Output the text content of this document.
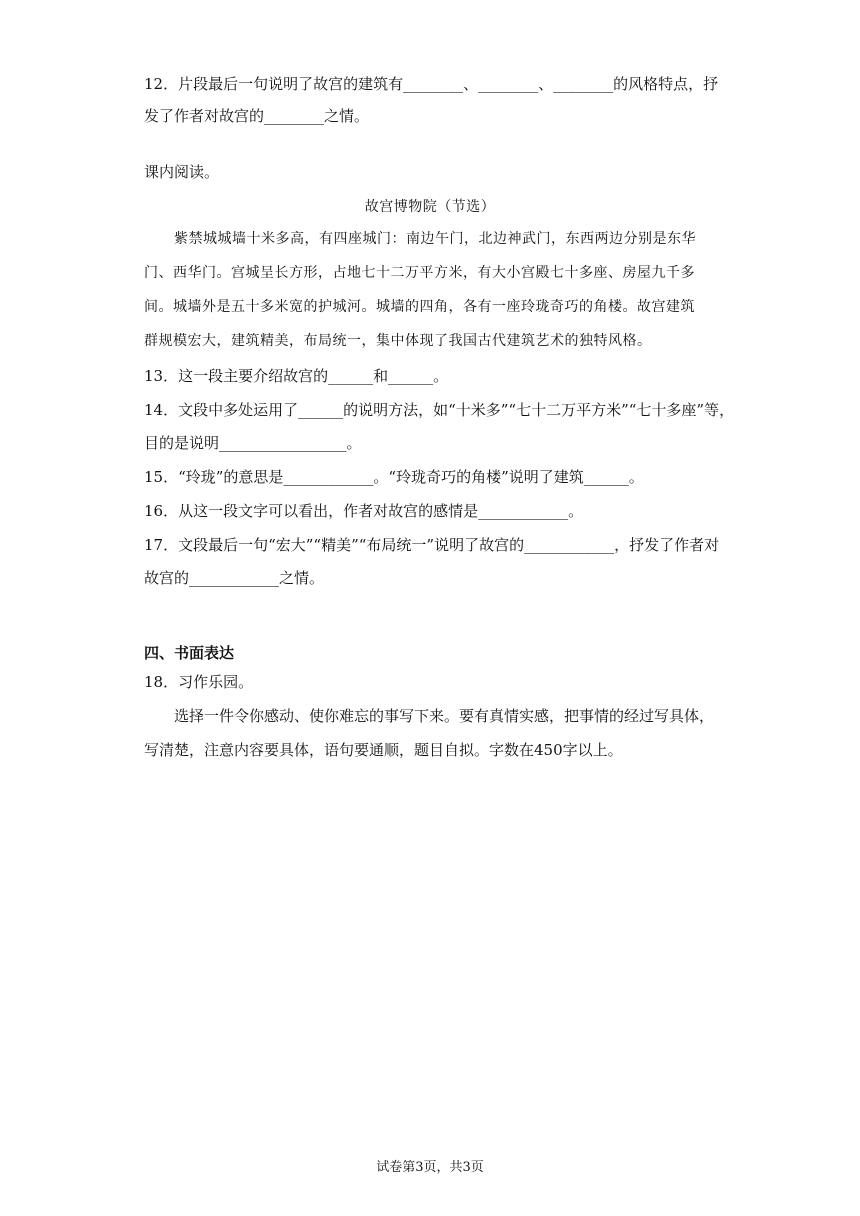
12．片段最后一句说明了故宫的建筑有________、________、________的风格特点，抒
发了作者对故宫的________之情。
课内阅读。
故宫博物院（节选）
紫禁城城墙十米多高，有四座城门：南边午门，北边神武门，东西两边分别是东华
门、西华门。宫城呈长方形，占地七十二万平方米，有大小宫殿七十多座、房屋九千多
间。城墙外是五十多米宽的护城河。城墙的四角，各有一座玲珑奇巧的角楼。故宫建筑
群规模宏大，建筑精美，布局统一，集中体现了我国古代建筑艺术的独特风格。
13．这一段主要介绍故宫的______和______。
14．文段中多处运用了______的说明方法，如“十米多”“七十二万平方米”“七十多座”等，
目的是说明_________________。
15．“玲珑”的意思是____________。“玲珑奇巧的角楼”说明了建筑______。
16．从这一段文字可以看出，作者对故宫的感情是____________。
17．文段最后一句“宏大”“精美”“布局统一”说明了故宫的____________，抒发了作者对
故宫的____________之情。
四、书面表达
18．习作乐园。
选择一件令你感动、使你难忘的事写下来。要有真情实感，把事情的经过写具体，
写清楚，注意内容要具体，语句要通顺，题目自拟。字数在450字以上。
试卷第3页，共3页
